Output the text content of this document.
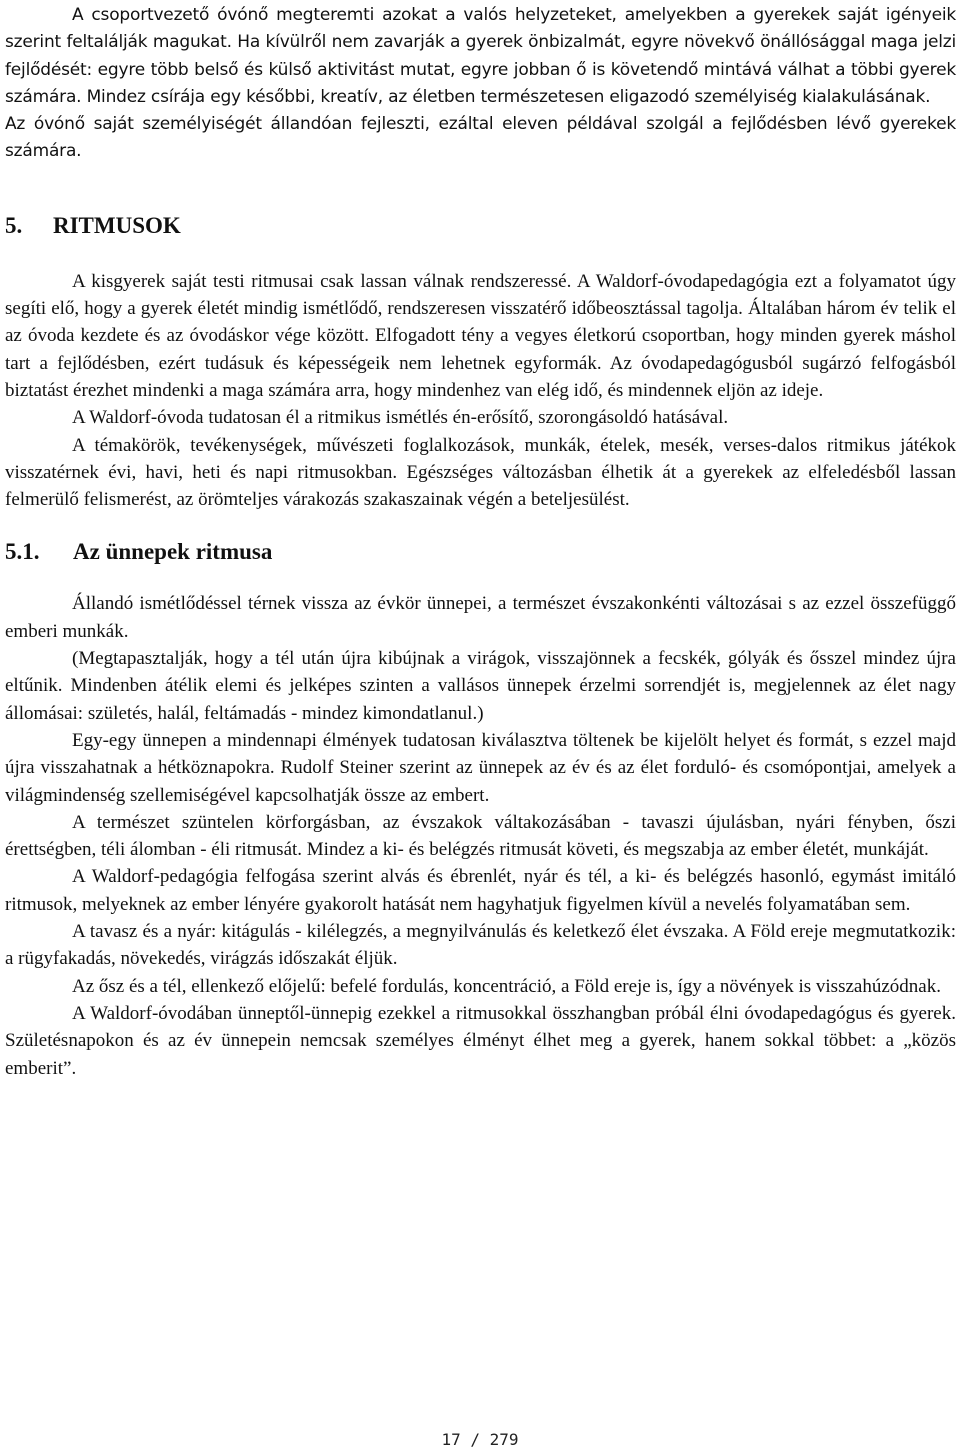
A csoportvezető óvónő megteremti azokat a valós helyzeteket, amelyekben a gyerekek saját igényeik szerint feltalálják magukat. Ha kívülről nem zavarják a gyerek önbizalmát, egyre növekvő önállósággal maga jelzi fejlődését: egyre több belső és külső aktivitást mutat, egyre jobban ő is követendő mintává válhat a többi gyerek számára. Mindez csírája egy későbbi, kreatív, az életben természetesen eligazodó személyiség kialakulásának.

Az óvónő saját személyiségét állandóan fejleszti, ezáltal eleven példával szolgál a fejlődésben lévő gyerekek számára.

5. RITMUSOK

A kisgyerek saját testi ritmusai csak lassan válnak rendszeressé. A Waldorf-óvodapedagógia ezt a folyamatot úgy segíti elő, hogy a gyerek életét mindig ismétlődő, rendszeresen visszatérő időbeosztással tagolja. Általában három év telik el az óvoda kezdete és az óvodáskor vége között. Elfogadott tény a vegyes életkorú csoportban, hogy minden gyerek máshol tart a fejlődésben, ezért tudásuk és képességeik nem lehetnek egyformák. Az óvodapedagógusból sugárzó felfogásból biztatást érezhet mindenki a maga számára arra, hogy mindenhez van elég idő, és mindennek eljön az ideje.

A Waldorf-óvoda tudatosan él a ritmikus ismétlés én-erősítő, szorongásoldó hatásával.

A témakörök, tevékenységek, művészeti foglalkozások, munkák, ételek, mesék, verses-dalos ritmikus játékok visszatérnek évi, havi, heti és napi ritmusokban. Egészséges változásban élhetik át a gyerekek az elfeledésből lassan felmerülő felismerést, az örömteljes várakozás szakaszainak végén a beteljesülést.

5.1. Az ünnepek ritmusa

Állandó ismétlődéssel térnek vissza az évkör ünnepei, a természet évszakonkénti változásai s az ezzel összefüggő emberi munkák.

(Megtapasztalják, hogy a tél után újra kibújnak a virágok, visszajönnek a fecskék, gólyák és ősszel mindez újra eltűnik. Mindenben átélik elemi és jelképes szinten a vallásos ünnepek érzelmi sorrendjét is, megjelennek az élet nagy állomásai: születés, halál, feltámadás - mindez kimondatlanul.)

Egy-egy ünnepen a mindennapi élmények tudatosan kiválasztva töltenek be kijelölt helyet és formát, s ezzel majd újra visszahatnak a hétköznapokra. Rudolf Steiner szerint az ünnepek az év és az élet forduló- és csomópontjai, amelyek a világmindenség szellemiségével kapcsolhatják össze az embert.

A természet szüntelen körforgásban, az évszakok váltakozásában - tavaszi újulásban, nyári fényben, őszi érettségben, téli álomban - éli ritmusát. Mindez a ki- és belégzés ritmusát követi, és megszabja az ember életét, munkáját.

A Waldorf-pedagógia felfogása szerint alvás és ébrenlét, nyár és tél, a ki- és belégzés hasonló, egymást imitáló ritmusok, melyeknek az ember lényére gyakorolt hatását nem hagyhatjuk figyelmen kívül a nevelés folyamatában sem.

A tavasz és a nyár: kitágulás - kilélegzés, a megnyilvánulás és keletkező élet évszaka. A Föld ereje megmutatkozik: a rügyfakadás, növekedés, virágzás időszakát éljük.

Az ősz és a tél, ellenkező előjelű: befelé fordulás, koncentráció, a Föld ereje is, így a növények is visszahúzódnak.

A Waldorf-óvodában ünneptől-ünnepig ezekkel a ritmusokkal összhangban próbál élni óvodapedagógus és gyerek. Születésnapokon és az év ünnepein nemcsak személyes élményt élhet meg a gyerek, hanem sokkal többet: a „közös emberit”.

17 / 279
